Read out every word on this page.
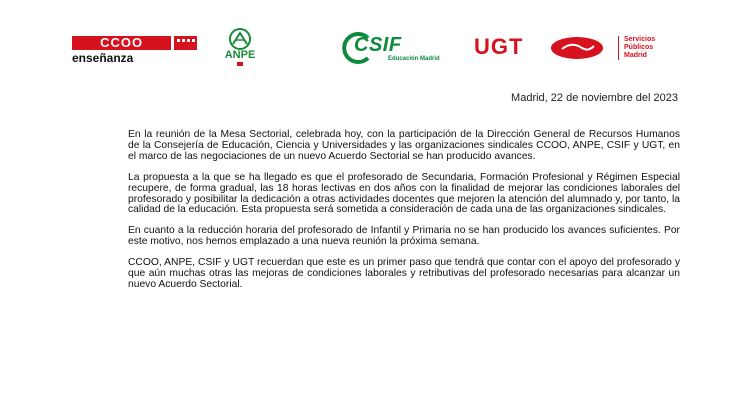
CCOO
enseñanza	ANPE	CSIF
Educación Madrid UGT	Servicios
Públicos
Madrid
Madrid, 22 de noviembre del 2023

En la reunión de la Mesa Sectorial, celebrada hoy, con la participación de la Dirección General de Recursos Humanos de la Consejería de Educación, Ciencia y Universidades y las organizaciones sindicales CCOO, ANPE, CSIF y UGT, en el marco de las negociaciones de un nuevo Acuerdo Sectorial se han producido avances.

La propuesta a la que se ha llegado es que el profesorado de Secundaria, Formación Profesional y Régimen Especial recupere, de forma gradual, las 18 horas lectivas en dos años con la finalidad de mejorar las condiciones laborales del profesorado y posibilitar la dedicación a otras actividades docentes que mejoren la atención del alumnado y, por tanto, la calidad de la educación. Esta propuesta será sometida a consideración de cada una de las organizaciones sindicales.

En cuanto a la reducción horaria del profesorado de Infantil y Primaria no se han producido los avances suficientes. Por este motivo, nos hemos emplazado a una nueva reunión la próxima semana.

CCOO, ANPE, CSIF y UGT recuerdan que este es un primer paso que tendrá que contar con el apoyo del profesorado y que aún muchas otras las mejoras de condiciones laborales y retributivas del profesorado necesarias para alcanzar un nuevo Acuerdo Sectorial.
